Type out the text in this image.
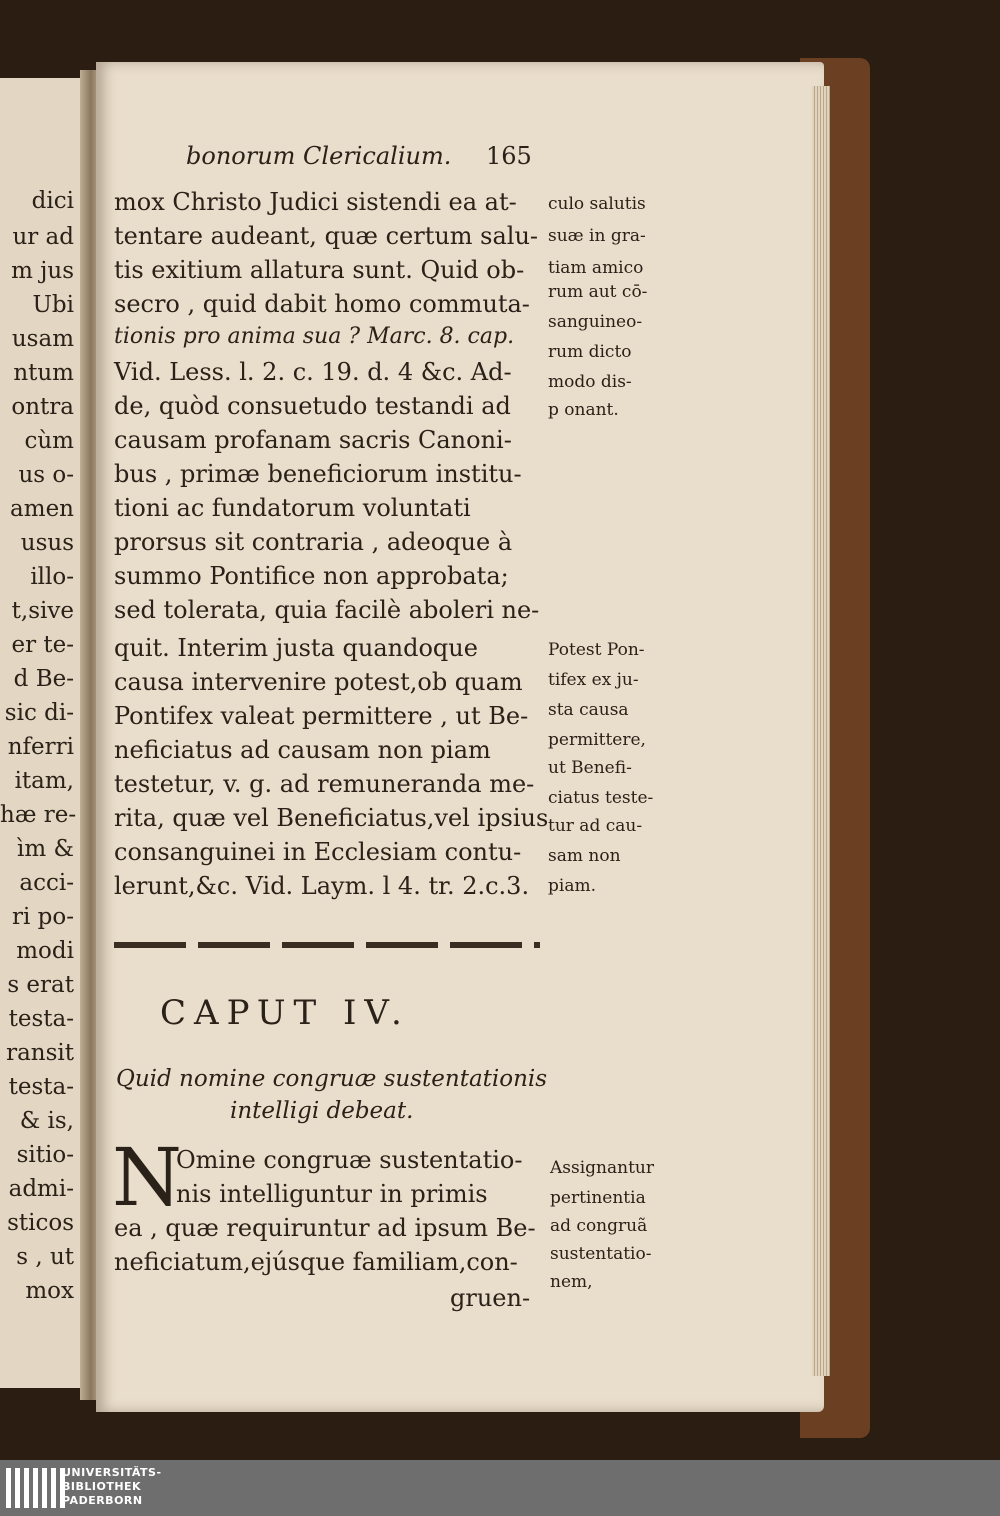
dici
ur ad
m jus
Ubi
usam
ntum
ontra
cùm
us o-
amen
usus
illo-
t,sive
er te-
d Be-
sic di-
nferri
itam,
hæ re-
ìm &
acci-
ri po-
modi
s erat
testa-
ransit
testa-
& is,
sitio-
admi-
sticos
s , ut
mox
bonorum Clericalium. 165
mox Christo Judici sistendi ea at-
tentare audeant, quæ certum salu-
tis exitium allatura sunt. Quid ob-
secro , quid dabit homo commuta-
tionis pro anima sua ? Marc. 8. cap.
Vid. Less. l. 2. c. 19. d. 4 &c. Ad-
de, quòd consuetudo testandi ad
causam profanam sacris Canoni-
bus , primæ beneficiorum institu-
tioni ac fundatorum voluntati
prorsus sit contraria , adeoque à
summo Pontifice non approbata;
sed tolerata, quia facilè aboleri ne-
quit. Interim justa quandoque
causa intervenire potest,ob quam
Pontifex valeat permittere , ut Be-
neficiatus ad causam non piam
testetur, v. g. ad remuneranda me-
rita, quæ vel Beneficiatus,vel ipsius
consanguinei in Ecclesiam contu-
lerunt,&c. Vid. Laym. l 4. tr. 2.c.3.
culo salutis
suæ in gra-
tiam amico
rum aut cō-
sanguineo-
rum dicto
modo dis-
p onant.
Potest Pon-
tifex ex ju-
sta causa
permittere,
ut Benefi-
ciatus teste-
tur ad cau-
sam non
piam.
CAPUT IV.
Quid nomine congruæ sustentationis
intelligi debeat.
N
Omine congruæ sustentatio-
nis intelliguntur in primis
ea , quæ requiruntur ad ipsum Be-
neficiatum,ejúsque familiam,con-
gruen-
Assignantur
pertinentia
ad congruã
sustentatio-
nem,
UNIVERSITÄTS-
BIBLIOTHEK
PADERBORN
